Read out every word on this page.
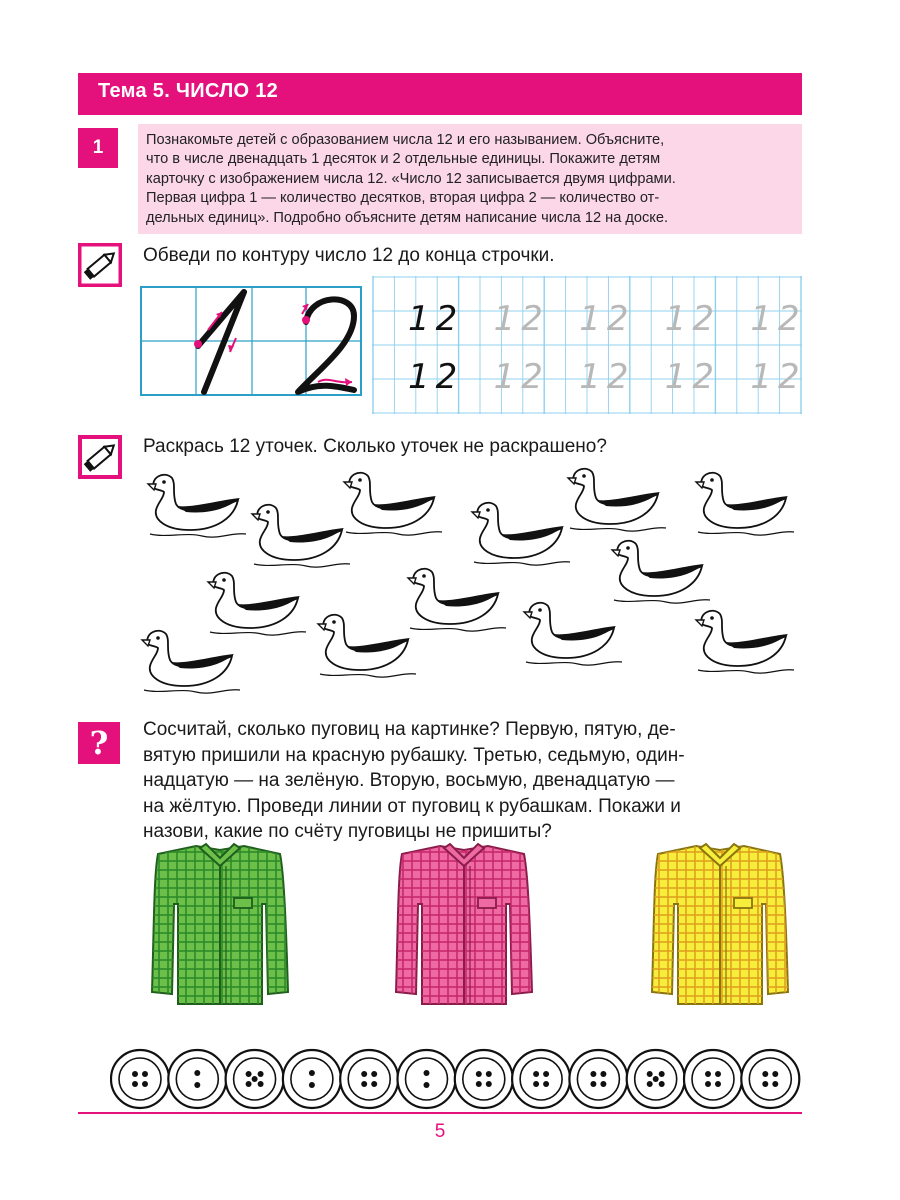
Тема 5. ЧИСЛО 12
1	Познакомьте детей с образованием числа 12 и его называнием. Объясните,
что в числе двенадцать 1 десяток и 2 отдельные единицы. Покажите детям
карточку с изображением числа 12. «Число 12 записывается двумя цифрами.
Первая цифра 1 — количество десятков, вторая цифра 2 — количество от-
дельных единиц». Подробно объясните детям написание числа 12 на доске.
Обведи по контуру число 12 до конца строчки.
12 12 12 12 12
12 12 12 12 12
Раскрась 12 уточек. Сколько уточек не раскрашено?
?	Сосчитай, сколько пуговиц на картинке? Первую, пятую, де-
вятую пришили на красную рубашку. Третью, седьмую, один-
надцатую — на зелёную. Вторую, восьмую, двенадцатую —
на жёлтую. Проведи линии от пуговиц к рубашкам. Покажи и
назови, какие по счёту пуговицы не пришиты?
5
